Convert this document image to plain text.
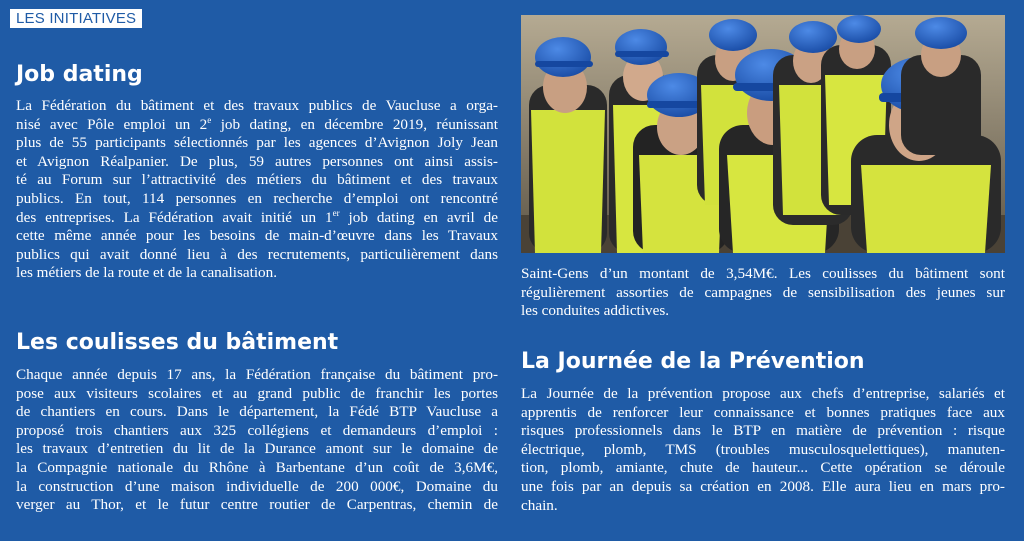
LES INITIATIVES
Job dating
La Fédération du bâtiment et des travaux publics de Vaucluse a orga-
nisé avec Pôle emploi un 2e job dating, en décembre 2019, réunissant
plus de 55 participants sélectionnés par les agences d’Avignon Joly Jean
et Avignon Réalpanier. De plus, 59 autres personnes ont ainsi assis-
té au Forum sur l’attractivité des métiers du bâtiment et des travaux
publics. En tout, 114 personnes en recherche d’emploi ont rencontré
des entreprises. La Fédération avait initié un 1er job dating en avril de
cette même année pour les besoins de main-d’œuvre dans les Travaux
publics qui avait donné lieu à des recrutements, particulièrement dans
les métiers de la route et de la canalisation.
Les coulisses du bâtiment
Chaque année depuis 17 ans, la Fédération française du bâtiment pro-
pose aux visiteurs scolaires et au grand public de franchir les portes
de chantiers en cours. Dans le département, la Fédé BTP Vaucluse a
proposé trois chantiers aux 325 collégiens et demandeurs d’emploi :
les travaux d’entretien du lit de la Durance amont sur le domaine de
la Compagnie nationale du Rhône à Barbentane d’un coût de 3,6M€,
la construction d’une maison individuelle de 200 000€, Domaine du
verger au Thor, et le futur centre routier de Carpentras, chemin de
Saint-Gens d’un montant de 3,54M€. Les coulisses du bâtiment sont
régulièrement assorties de campagnes de sensibilisation des jeunes sur
les conduites addictives.
La Journée de la Prévention
La Journée de la prévention propose aux chefs d’entreprise, salariés et
apprentis de renforcer leur connaissance et bonnes pratiques face aux
risques professionnels dans le BTP en matière de prévention : risque
électrique, plomb, TMS (troubles musculosquelettiques), manuten-
tion, plomb, amiante, chute de hauteur... Cette opération se déroule
une fois par an depuis sa création en 2008. Elle aura lieu en mars pro-
chain.
